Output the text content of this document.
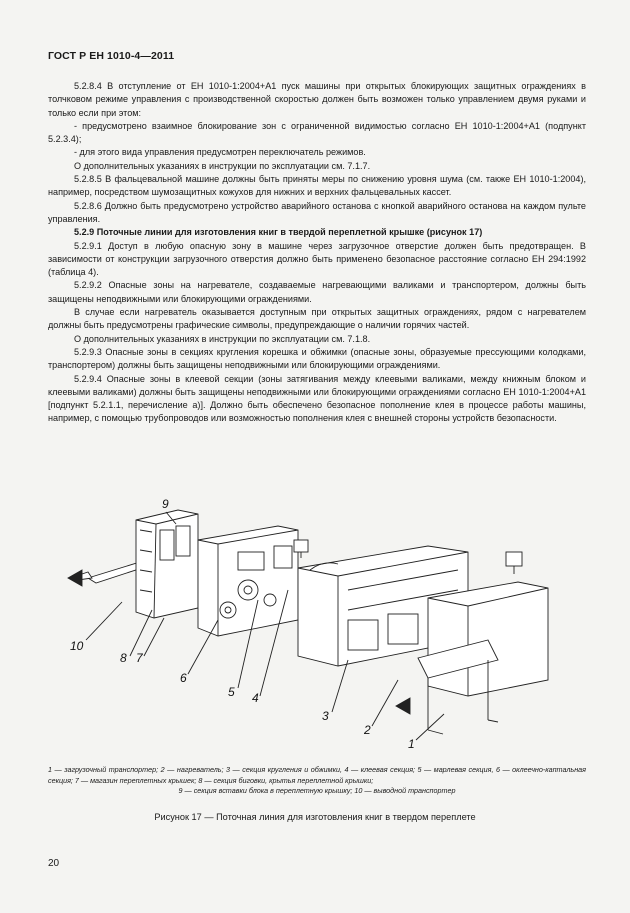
ГОСТ Р ЕН 1010-4—2011

5.2.8.4 В отступление от ЕН 1010-1:2004+А1 пуск машины при открытых блокирующих защитных ограждениях в толчковом режиме управления с производственной скоростью должен быть возможен только управлением двумя руками и только если при этом:

- предусмотрено взаимное блокирование зон с ограниченной видимостью согласно ЕН 1010-1:2004+А1 (подпункт 5.2.3.4);

- для этого вида управления предусмотрен переключатель режимов.

О дополнительных указаниях в инструкции по эксплуатации см. 7.1.7.

5.2.8.5 В фальцевальной машине должны быть приняты меры по снижению уровня шума (см. также ЕН 1010-1:2004), например, посредством шумозащитных кожухов для нижних и верхних фальцевальных кассет.

5.2.8.6 Должно быть предусмотрено устройство аварийного останова с кнопкой аварийного останова на каждом пульте управления.

5.2.9 Поточные линии для изготовления книг в твердой переплетной крышке (рисунок 17)

5.2.9.1 Доступ в любую опасную зону в машине через загрузочное отверстие должен быть предотвращен. В зависимости от конструкции загрузочного отверстия должно быть применено безопасное расстояние согласно ЕН 294:1992 (таблица 4).

5.2.9.2 Опасные зоны на нагревателе, создаваемые нагревающими валиками и транспортером, должны быть защищены неподвижными или блокирующими ограждениями.

В случае если нагреватель оказывается доступным при открытых защитных ограждениях, рядом с нагревателем должны быть предусмотрены графические символы, предупреждающие о наличии горячих частей.

О дополнительных указаниях в инструкции по эксплуатации см. 7.1.8.

5.2.9.3 Опасные зоны в секциях кругления корешка и обжимки (опасные зоны, образуемые прессующими колодками, транспортером) должны быть защищены неподвижными или блокирующими ограждениями.

5.2.9.4 Опасные зоны в клеевой секции (зоны затягивания между клеевыми валиками, между книжным блоком и клеевыми валиками) должны быть защищены неподвижными или блокирующими ограждениями согласно ЕН 1010-1:2004+А1 [подпункт 5.2.1.1, перечисление а)]. Должно быть обеспечено безопасное пополнение клея в процессе работы машины, например, с помощью трубопроводов или возможностью пополнения клея с внешней стороны устройств безопасности.

9
10
8 7
6
5 4
3
2
1
1 — загрузочный транспортер; 2 — нагреватель; 3 — секция кругления и обжимки, 4 — клеевая секция; 5 — марлевая секция, 6 — оклеечно-каптальная секция; 7 — магазин переплетных крышек; 8 — секция биговки, крытья переплетной крышки;
9 — секция вставки блока в переплетную крышку; 10 — выводной транспортер
Рисунок 17 — Поточная линия для изготовления книг в твердом переплете
20
